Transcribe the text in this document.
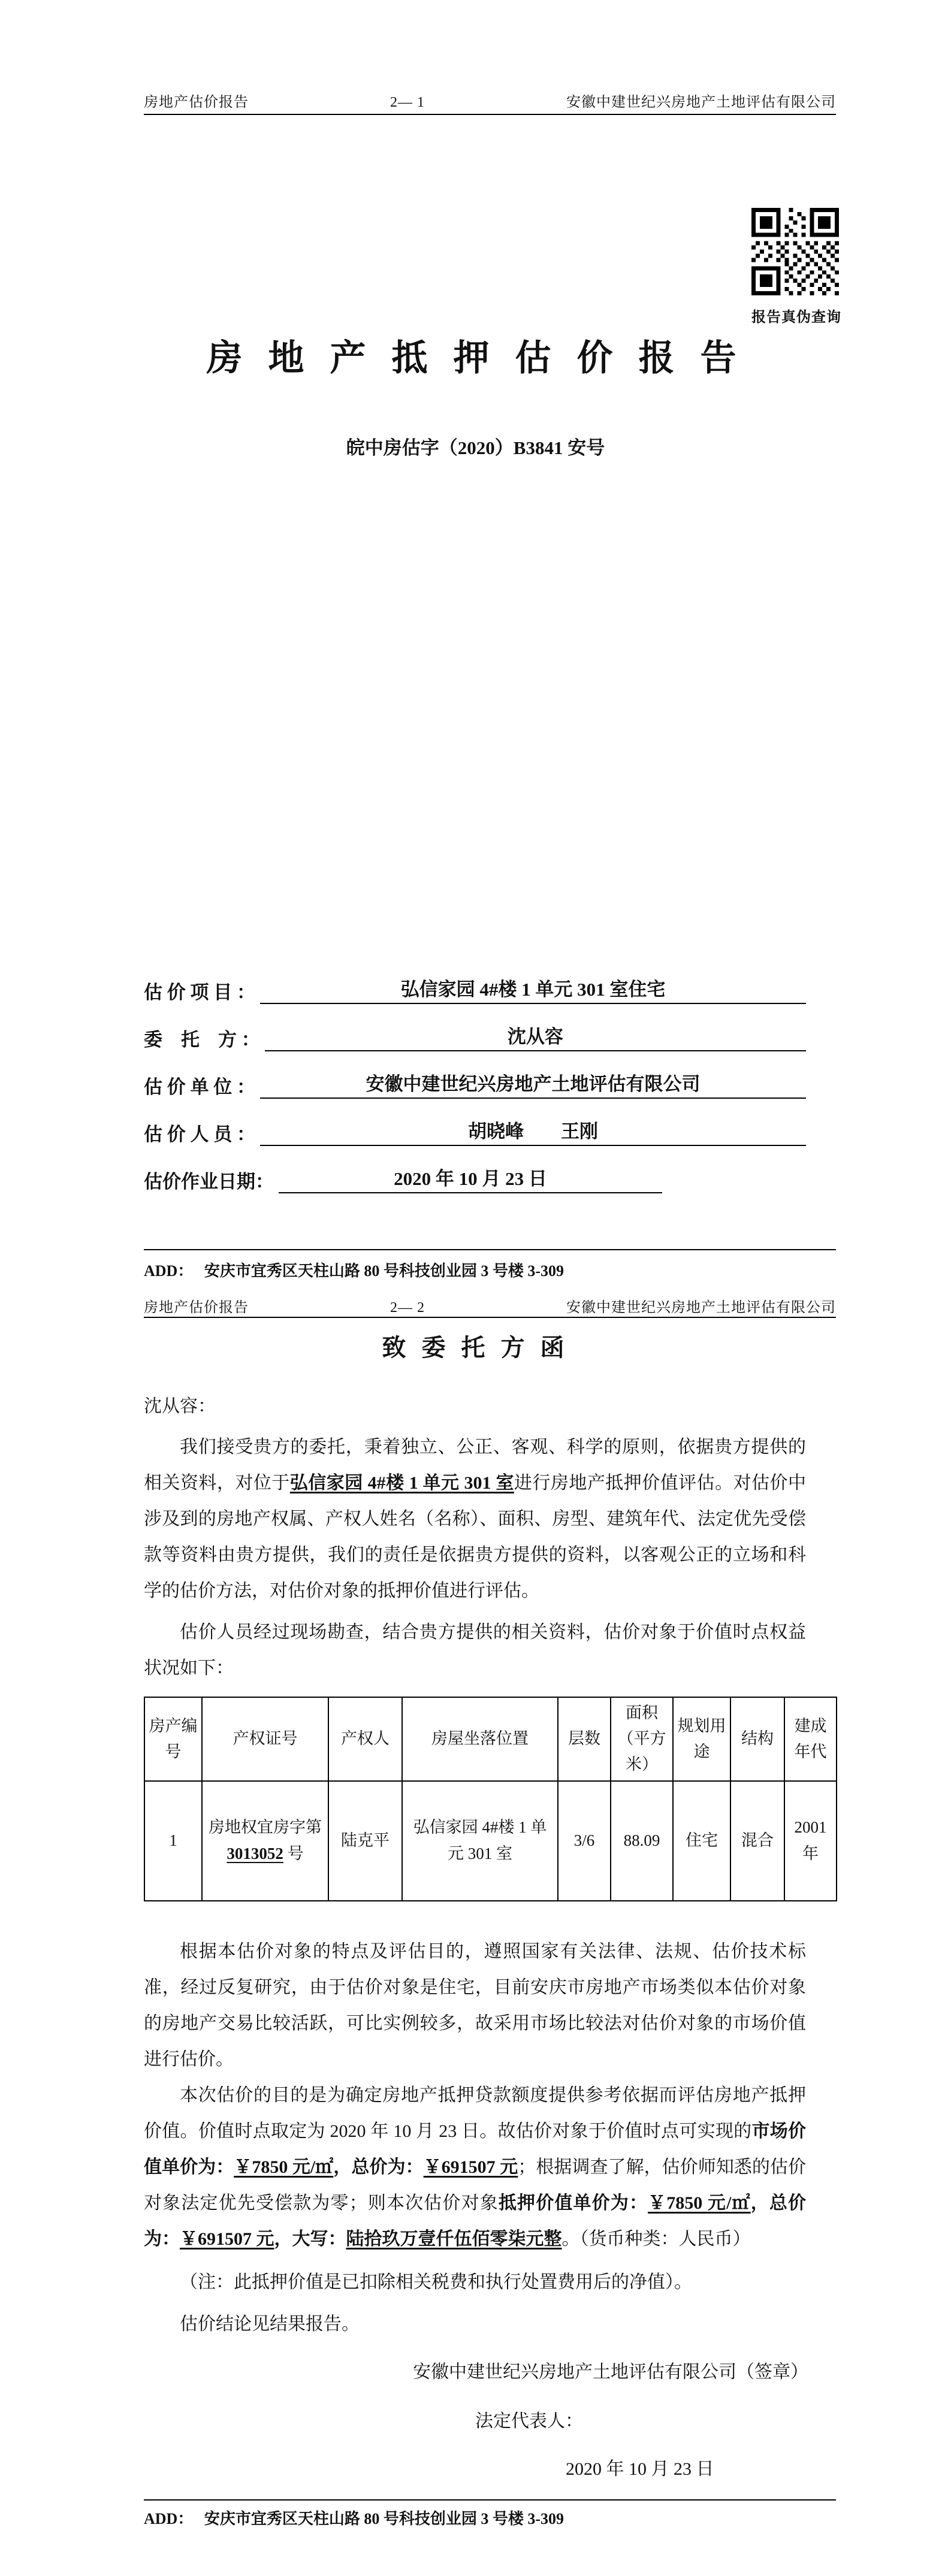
房地产估价报告	2— 1	安徽中建世纪兴房地产土地评估有限公司
报告真伪查询
房 地 产 抵 押 估 价 报 告
皖中房估字（2020）B3841 安号
估 价 项 目 ：	弘信家园 4#楼 1 单元 301 室住宅
委　托　方 ：	沈从容
估 价 单 位 ：	安徽中建世纪兴房地产土地评估有限公司
估 价 人 员 ：	胡晓峰　　王刚
估价作业日期：	2020 年 10 月 23 日
ADD： 安庆市宜秀区天柱山路 80 号科技创业园 3 号楼 3-309
房地产估价报告	2— 2	安徽中建世纪兴房地产土地评估有限公司
致 委 托 方 函
沈从容：

我们接受贵方的委托，秉着独立、公正、客观、科学的原则，依据贵方提供的相关资料，对位于弘信家园 4#楼 1 单元 301 室进行房地产抵押价值评估。对估价中涉及到的房地产权属、产权人姓名（名称）、面积、房型、建筑年代、法定优先受偿款等资料由贵方提供，我们的责任是依据贵方提供的资料，以客观公正的立场和科学的估价方法，对估价对象的抵押价值进行评估。

估价人员经过现场勘查，结合贵方提供的相关资料，估价对象于价值时点权益状况如下：

房产编号	产权证号	产权人	房屋坐落位置	层数	面积（平方米）	规划用途	结构	建成年代
1	房地权宜房字第 3013052 号	陆克平	弘信家园 4#楼 1 单元 301 室	3/6	88.09	住宅	混合	2001 年

根据本估价对象的特点及评估目的，遵照国家有关法律、法规、估价技术标准，经过反复研究，由于估价对象是住宅，目前安庆市房地产市场类似本估价对象的房地产交易比较活跃，可比实例较多，故采用市场比较法对估价对象的市场价值进行估价。

本次估价的目的是为确定房地产抵押贷款额度提供参考依据而评估房地产抵押价值。价值时点取定为 2020 年 10 月 23 日。故估价对象于价值时点可实现的市场价值单价为：￥7850 元/㎡，总价为：￥691507 元；根据调查了解，估价师知悉的估价对象法定优先受偿款为零；则本次估价对象抵押价值单价为：￥7850 元/㎡，总价为：￥691507 元，大写：陆拾玖万壹仟伍佰零柒元整。（货币种类：人民币）

（注：此抵押价值是已扣除相关税费和执行处置费用后的净值）。

估价结论见结果报告。

安徽中建世纪兴房地产土地评估有限公司（签章）
法定代表人：
2020 年 10 月 23 日
ADD： 安庆市宜秀区天柱山路 80 号科技创业园 3 号楼 3-309
